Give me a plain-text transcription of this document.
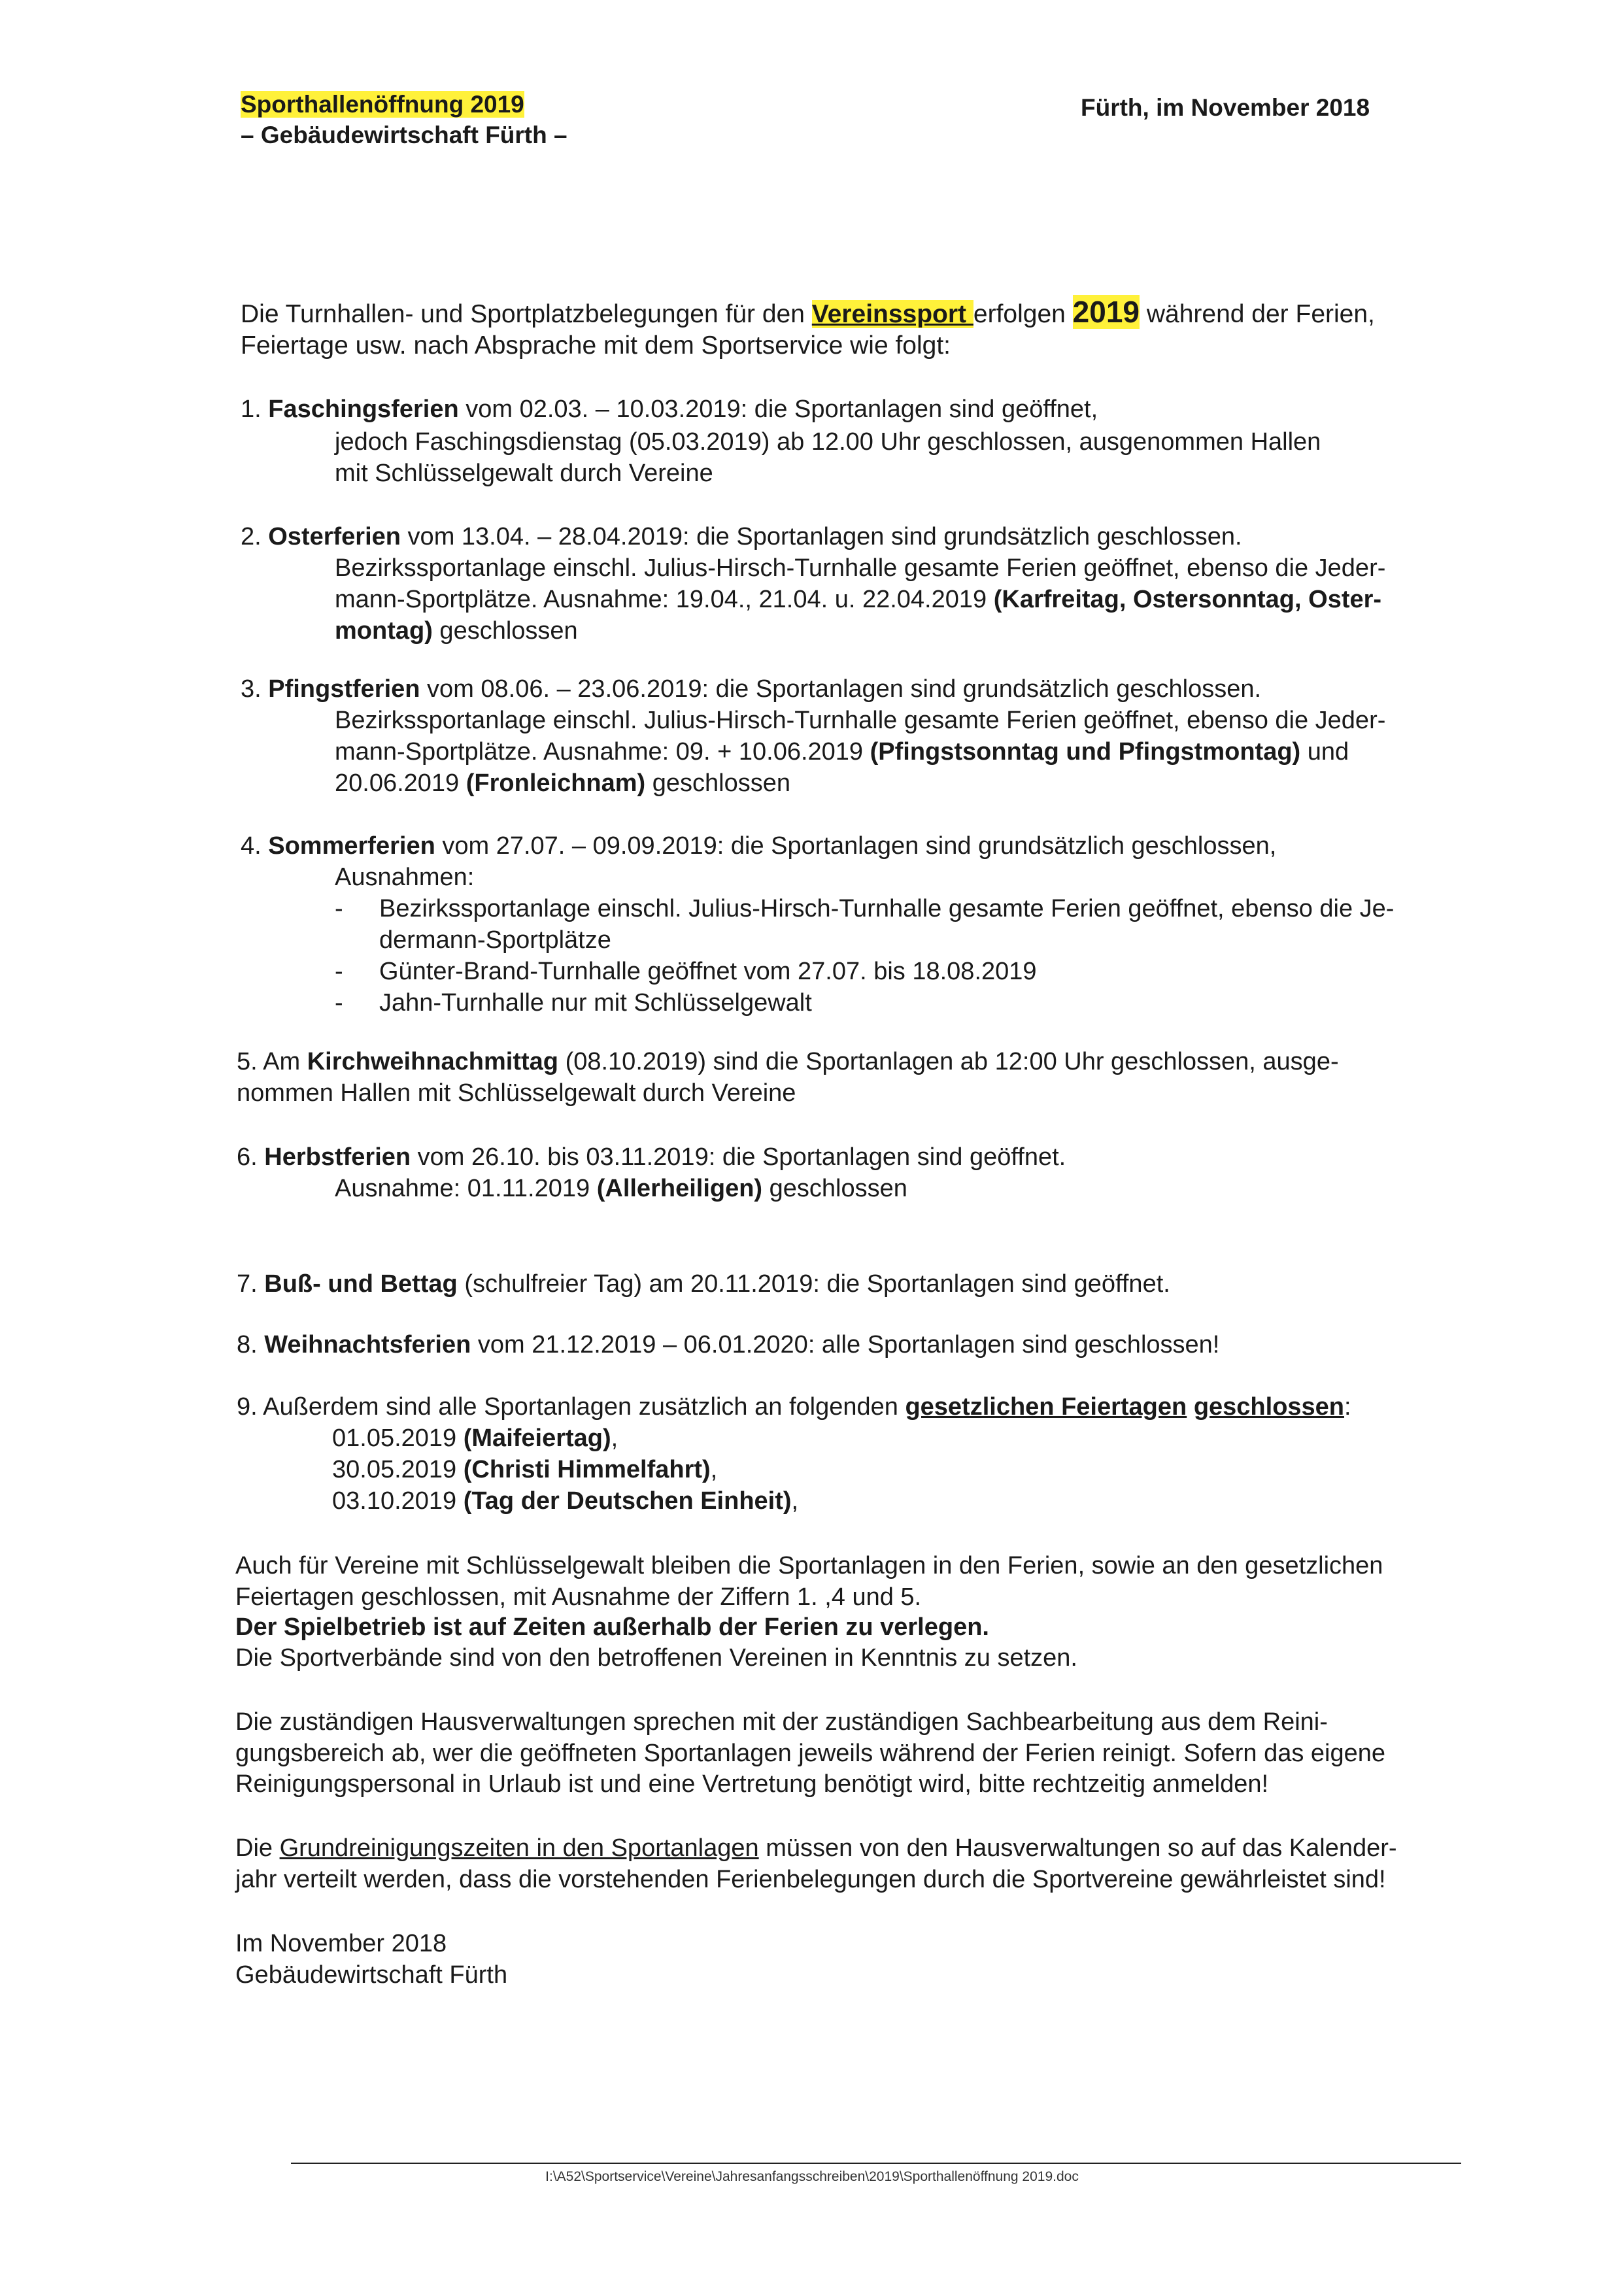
Sporthallenöffnung 2019
– Gebäudewirtschaft Fürth –
Fürth, im November 2018
Die Turnhallen- und Sportplatzbelegungen für den Vereinssport erfolgen 2019 während der Ferien,
Feiertage usw. nach Absprache mit dem Sportservice wie folgt:
1. Faschingsferien vom 02.03. – 10.03.2019: die Sportanlagen sind geöffnet,
jedoch Faschingsdienstag (05.03.2019) ab 12.00 Uhr geschlossen, ausgenommen Hallen
mit Schlüsselgewalt durch Vereine
2. Osterferien vom 13.04. – 28.04.2019: die Sportanlagen sind grundsätzlich geschlossen.
Bezirkssportanlage einschl. Julius-Hirsch-Turnhalle gesamte Ferien geöffnet, ebenso die Jeder-
mann-Sportplätze. Ausnahme: 19.04., 21.04. u. 22.04.2019 (Karfreitag, Ostersonntag, Oster-
montag) geschlossen
3. Pfingstferien vom 08.06. – 23.06.2019: die Sportanlagen sind grundsätzlich geschlossen.
Bezirkssportanlage einschl. Julius-Hirsch-Turnhalle gesamte Ferien geöffnet, ebenso die Jeder-
mann-Sportplätze. Ausnahme: 09. + 10.06.2019 (Pfingstsonntag und Pfingstmontag) und
20.06.2019 (Fronleichnam) geschlossen
4. Sommerferien vom 27.07. – 09.09.2019: die Sportanlagen sind grundsätzlich geschlossen,
Ausnahmen:
- Bezirkssportanlage einschl. Julius-Hirsch-Turnhalle gesamte Ferien geöffnet, ebenso die Je-
dermann-Sportplätze
- Günter-Brand-Turnhalle geöffnet vom 27.07. bis 18.08.2019
- Jahn-Turnhalle nur mit Schlüsselgewalt
5. Am Kirchweihnachmittag (08.10.2019) sind die Sportanlagen ab 12:00 Uhr geschlossen, ausge-
nommen Hallen mit Schlüsselgewalt durch Vereine
6. Herbstferien vom 26.10. bis 03.11.2019: die Sportanlagen sind geöffnet.
Ausnahme: 01.11.2019 (Allerheiligen) geschlossen
7. Buß- und Bettag (schulfreier Tag) am 20.11.2019: die Sportanlagen sind geöffnet.
8. Weihnachtsferien vom 21.12.2019 – 06.01.2020: alle Sportanlagen sind geschlossen!
9. Außerdem sind alle Sportanlagen zusätzlich an folgenden gesetzlichen Feiertagen geschlossen:
01.05.2019 (Maifeiertag),
30.05.2019 (Christi Himmelfahrt),
03.10.2019 (Tag der Deutschen Einheit),
Auch für Vereine mit Schlüsselgewalt bleiben die Sportanlagen in den Ferien, sowie an den gesetzlichen
Feiertagen geschlossen, mit Ausnahme der Ziffern 1. ,4 und 5.
Der Spielbetrieb ist auf Zeiten außerhalb der Ferien zu verlegen.
Die Sportverbände sind von den betroffenen Vereinen in Kenntnis zu setzen.
Die zuständigen Hausverwaltungen sprechen mit der zuständigen Sachbearbeitung aus dem Reini-
gungsbereich ab, wer die geöffneten Sportanlagen jeweils während der Ferien reinigt. Sofern das eigene
Reinigungspersonal in Urlaub ist und eine Vertretung benötigt wird, bitte rechtzeitig anmelden!
Die Grundreinigungszeiten in den Sportanlagen müssen von den Hausverwaltungen so auf das Kalender-
jahr verteilt werden, dass die vorstehenden Ferienbelegungen durch die Sportvereine gewährleistet sind!
Im November 2018
Gebäudewirtschaft Fürth
I:\A52\Sportservice\Vereine\Jahresanfangsschreiben\2019\Sporthallenöffnung 2019.doc
